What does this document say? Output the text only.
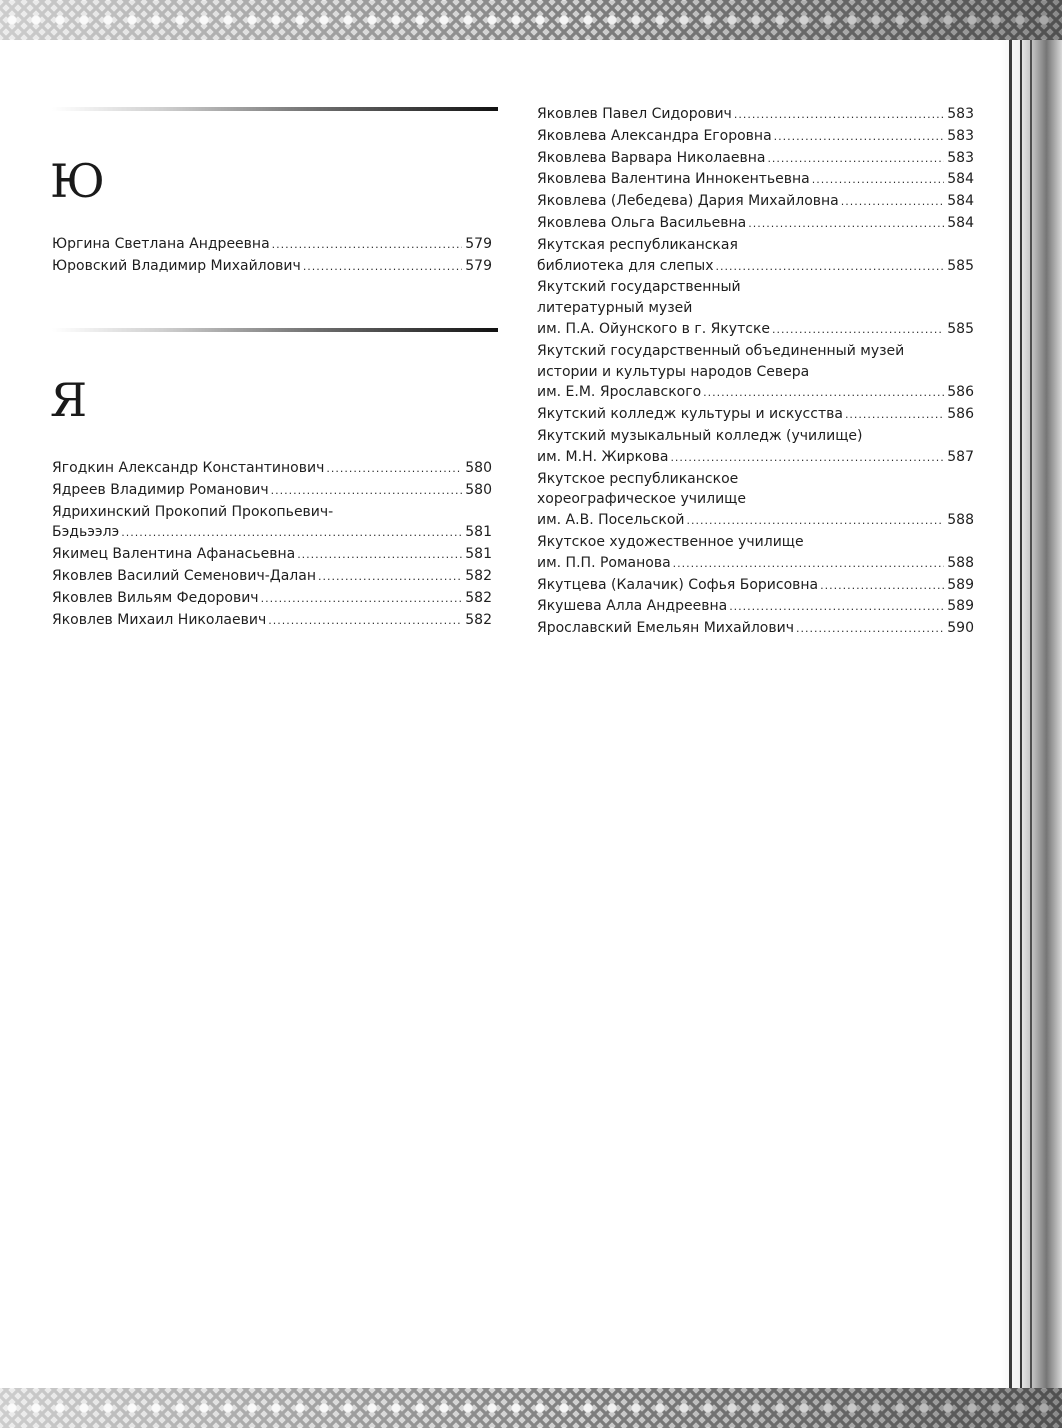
Ю
Юргина Светлана Андреевна .....	579
Юровский Владимир Михайлович .....	579
Я
Ягодкин Александр Константинович .....	580
Ядреев Владимир Романович .....	580
Ядрихинский Прокопий Прокопьевич-
Бэдьээлэ .....	581
Якимец Валентина Афанасьевна .....	581
Яковлев Василий Семенович-Далан .....	582
Яковлев Вильям Федорович .....	582
Яковлев Михаил Николаевич .....	582
Яковлев Павел Сидорович .....	583
Яковлева Александра Егоровна .....	583
Яковлева Варвара Николаевна .....	583
Яковлева Валентина Иннокентьевна .....	584
Яковлева (Лебедева) Дария Михайловна .....	584
Яковлева Ольга Васильевна .....	584
Якутская республиканская
библиотека для слепых .....	585
Якутский государственный
литературный музей
им. П.А. Ойунского в г. Якутске .....	585
Якутский государственный объединенный музей
истории и культуры народов Севера
им. Е.М. Ярославского .....	586
Якутский колледж культуры и искусства .....	586
Якутский музыкальный колледж (училище)
им. М.Н. Жиркова .....	587
Якутское республиканское
хореографическое училище
им. А.В. Посельской .....	588
Якутское художественное училище
им. П.П. Романова .....	588
Якутцева (Калачик) Софья Борисовна .....	589
Якушева Алла Андреевна .....	589
Ярославский Емельян Михайлович .....	590
